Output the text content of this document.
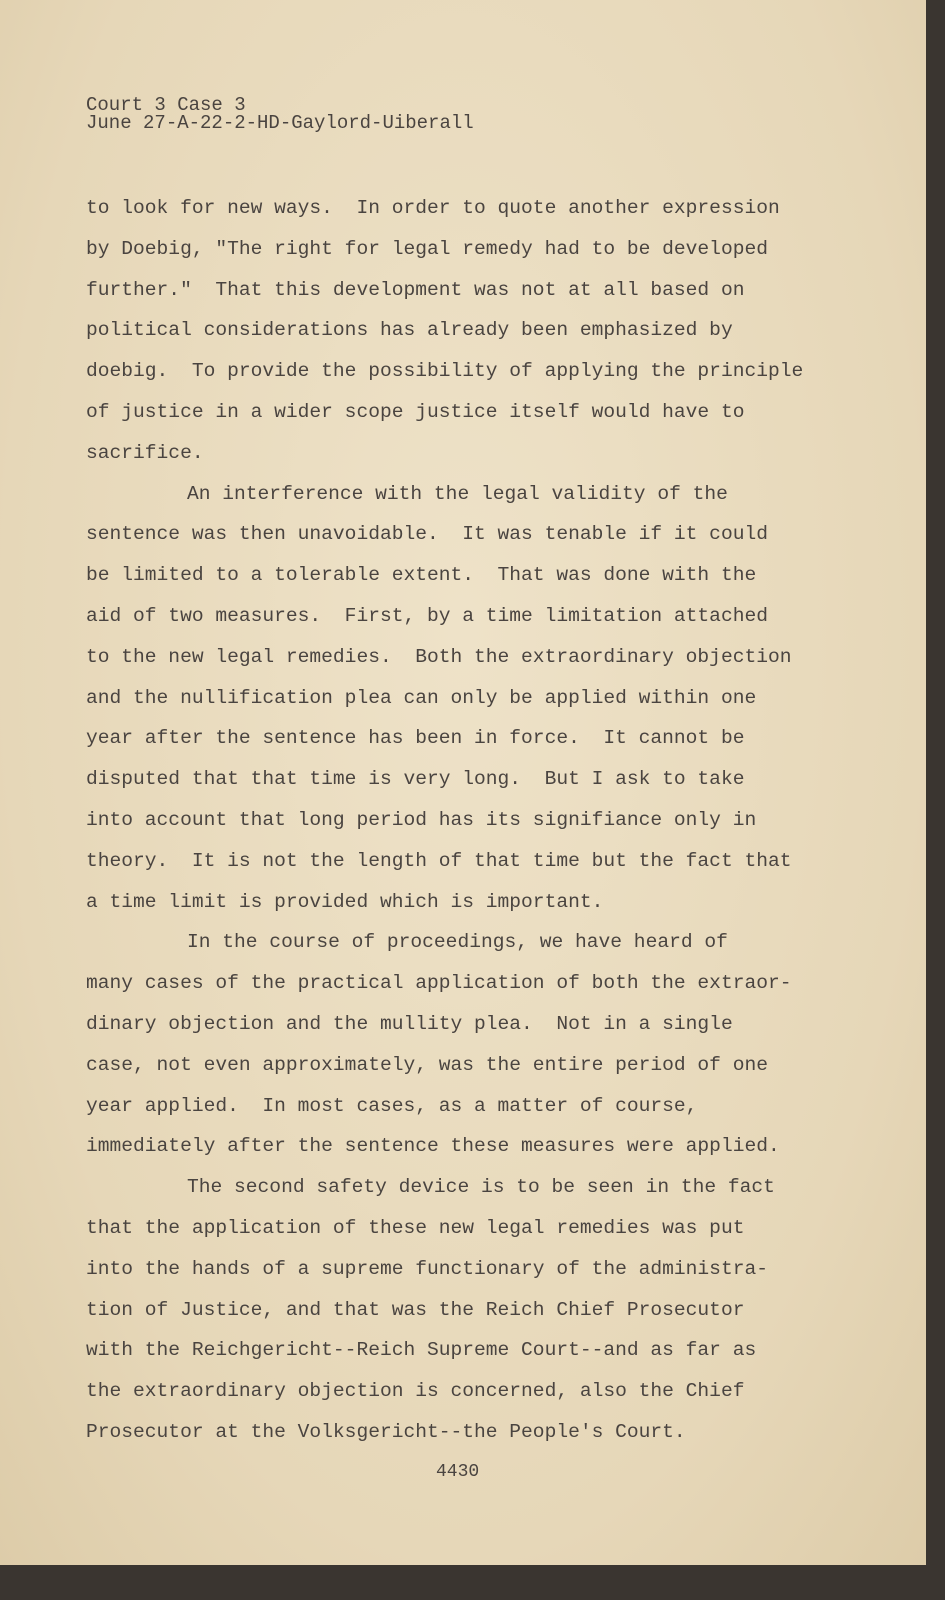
Court 3 Case 3
June 27-A-22-2-HD-Gaylord-Uiberall
to look for new ways.  In order to quote another expression
by Doebig, "The right for legal remedy had to be developed
further."  That this development was not at all based on
political considerations has already been emphasized by
doebig.  To provide the possibility of applying the principle
of justice in a wider scope justice itself would have to
sacrifice.
An interference with the legal validity of the
sentence was then unavoidable.  It was tenable if it could
be limited to a tolerable extent.  That was done with the
aid of two measures.  First, by a time limitation attached
to the new legal remedies.  Both the extraordinary objection
and the nullification plea can only be applied within one
year after the sentence has been in force.  It cannot be
disputed that that time is very long.  But I ask to take
into account that long period has its signifiance only in
theory.  It is not the length of that time but the fact that
a time limit is provided which is important.
In the course of proceedings, we have heard of
many cases of the practical application of both the extraor-
dinary objection and the mullity plea.  Not in a single
case, not even approximately, was the entire period of one
year applied.  In most cases, as a matter of course,
immediately after the sentence these measures were applied.
The second safety device is to be seen in the fact
that the application of these new legal remedies was put
into the hands of a supreme functionary of the administra-
tion of Justice, and that was the Reich Chief Prosecutor
with the Reichgericht--Reich Supreme Court--and as far as
the extraordinary objection is concerned, also the Chief
Prosecutor at the Volksgericht--the People's Court.
4430
